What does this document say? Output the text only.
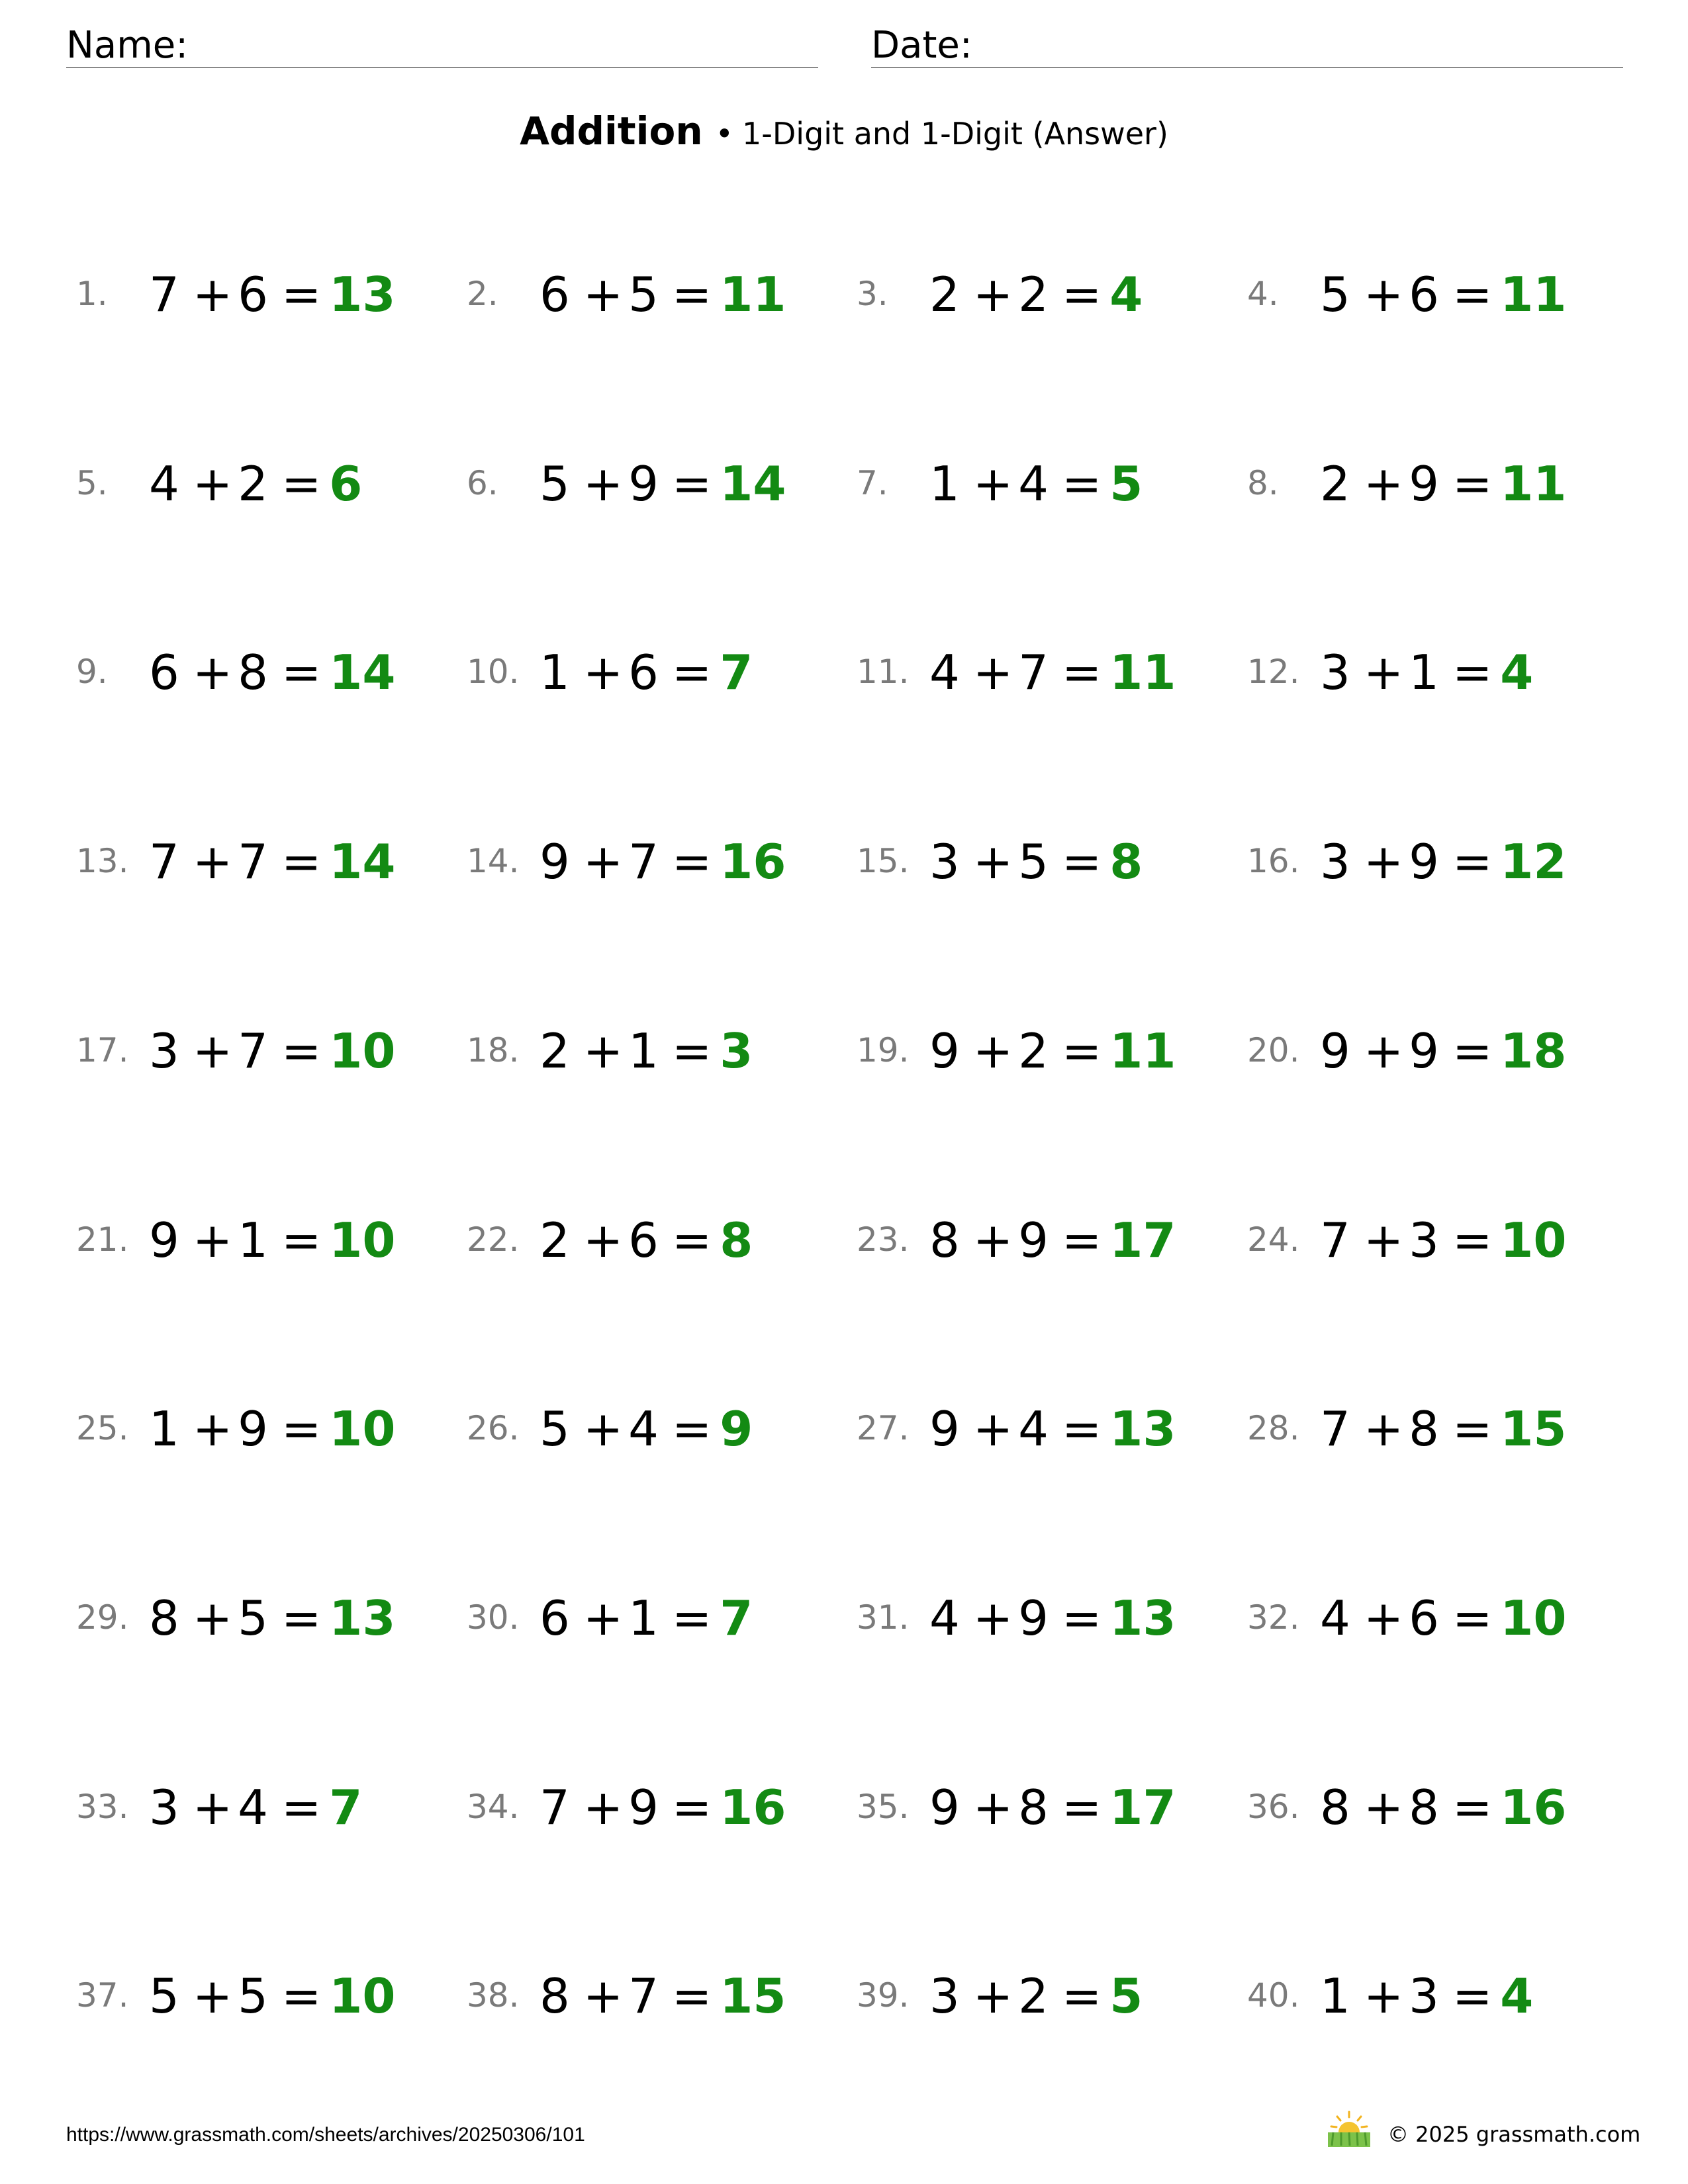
Name:	Date:
Addition • 1-Digit and 1-Digit (Answer)
1. 7 + 6 = 13 2. 6 + 5 = 11 3. 2 + 2 = 4	4. 5 + 6 = 11
5. 4 + 2 = 6	6. 5 + 9 = 14 7. 1 + 4 = 5	8. 2 + 9 = 11
9. 6 + 8 = 14 10. 1 + 6 = 7	11. 4 + 7 = 11 12. 3 + 1 = 4
13. 7 + 7 = 14 14. 9 + 7 = 16 15. 3 + 5 = 8	16. 3 + 9 = 12
17. 3 + 7 = 10 18. 2 + 1 = 3	19. 9 + 2 = 11 20. 9 + 9 = 18
21. 9 + 1 = 10 22. 2 + 6 = 8	23. 8 + 9 = 17 24. 7 + 3 = 10
25. 1 + 9 = 10 26. 5 + 4 = 9	27. 9 + 4 = 13 28. 7 + 8 = 15
29. 8 + 5 = 13 30. 6 + 1 = 7	31. 4 + 9 = 13 32. 4 + 6 = 10
33. 3 + 4 = 7	34. 7 + 9 = 16 35. 9 + 8 = 17 36. 8 + 8 = 16
37. 5 + 5 = 10 38. 8 + 7 = 15 39. 3 + 2 = 5	40. 1 + 3 = 4
https://www.grassmath.com/sheets/archives/20250306/101	© 2025 grassmath.com
